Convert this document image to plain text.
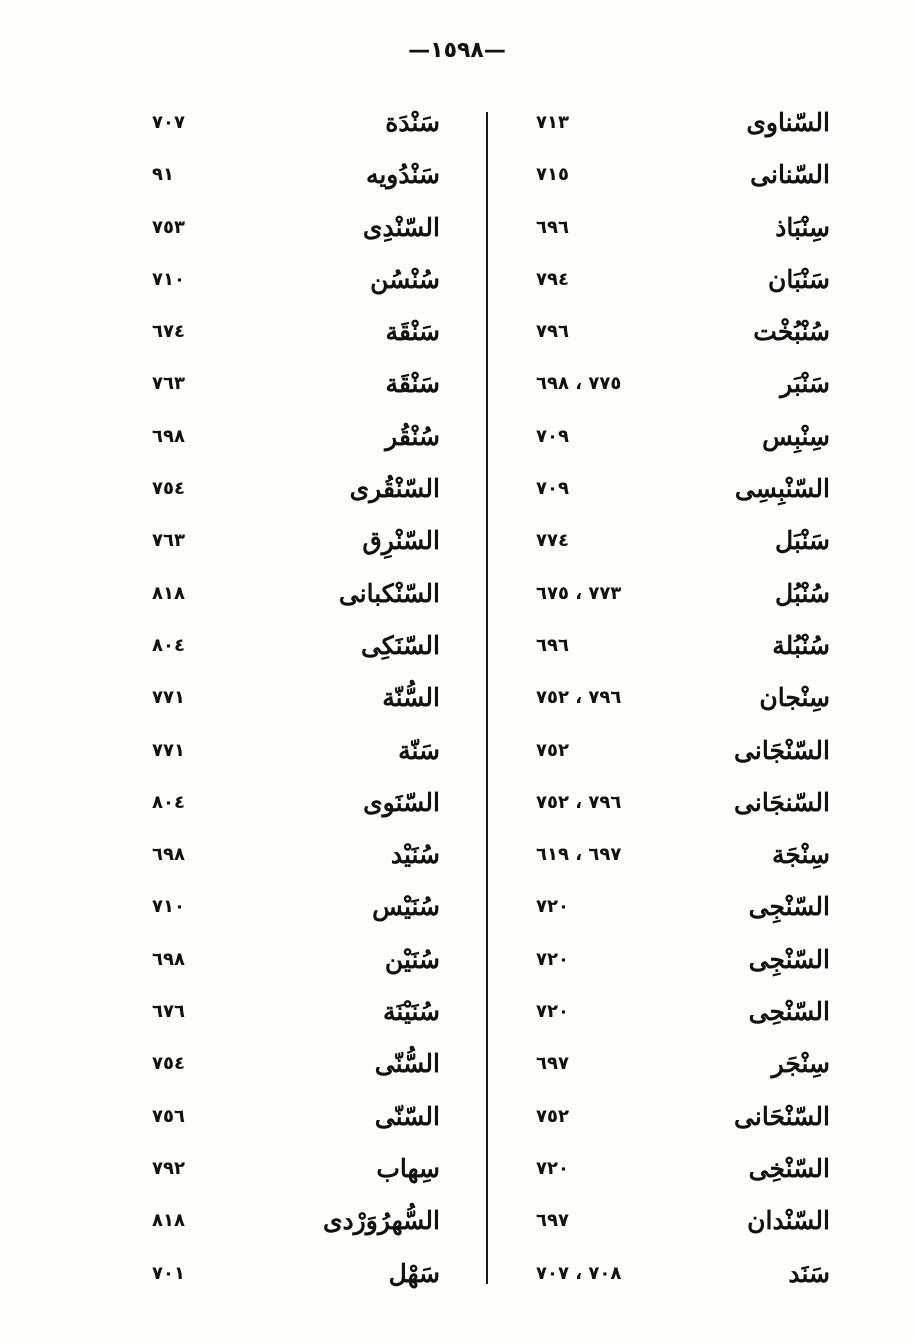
—١٥٩٨—
السّناوى
٧١٣
السّنانى
٧١٥
سِنْبَاذ
٦٩٦
سَنْبَان
٧٩٤
سُنْبُخْت
٧٩٦
سَنْبَر
٧٧٥ ، ٦٩٨
سِنْبِس
٧٠٩
السّنْبِسِى
٧٠٩
سَنْبَل
٧٧٤
سُنْبُل
٧٧٣ ، ٦٧٥
سُنْبُلة
٦٩٦
سِنْجان
٧٩٦ ، ٧٥٢
السّنْجَانى
٧٥٢
السّنجَانى
٧٩٦ ، ٧٥٢
سِنْجَة
٦٩٧ ، ٦١٩
السّنْجِى
٧٢٠
السّنْجِى
٧٢٠
السّنْحِى
٧٢٠
سِنْجَر
٦٩٧
السّنْحَانى
٧٥٢
السّنْخِى
٧٢٠
السّنْدان
٦٩٧
سَنَد
٧٠٨ ، ٧٠٧
سَنْدَة
٧٠٧
سَنْدُويه
٩١
السّنْدِى
٧٥٣
سُنْسُن
٧١٠
سَنْقَة
٦٧٤
سَنْقَة
٧٦٣
سُنْقُر
٦٩٨
السّنْقُرى
٧٥٤
السّنْرِق
٧٦٣
السّنْكبانى
٨١٨
السّنَكِى
٨٠٤
السُّنّة
٧٧١
سَنّة
٧٧١
السّنَوى
٨٠٤
سُنَيْد
٦٩٨
سُنَيْس
٧١٠
سُنَيْن
٦٩٨
سُنَيْنَة
٦٧٦
السُّنّى
٧٥٤
السّنّى
٧٥٦
سِهاب
٧٩٢
السُّهرُوَرْدى
٨١٨
سَهْل
٧٠١
